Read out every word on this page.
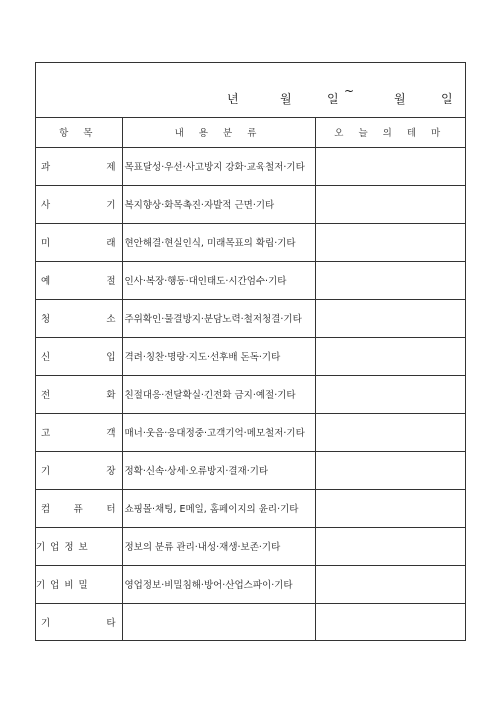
년	월	일
~
월	일
항 목	내 용 분 류	오 늘 의 테 마

과 제	목표달성·우선·사고방지 강화·교육철저·기타	

사 기	복지향상·화목촉진·자발적 근면·기타	

미 래	현안해결·현실인식, 미래목표의 확립·기타	

예 절	인사·복장·행동·대인태도·시간엄수·기타	

청 소	주위확인·물결방지·분담노력·철저청결·기타	

신 입	격려·칭찬·명랑·지도·선후배 돈독·기타	

전 화	친절대응·전달확실·긴전화 금지·예절·기타	

고 객	매너·웃음·응대정중·고객기억·메모철저·기타	

기 장	정확·신속·상세·오류방지·결재·기타	

컴 퓨 터	쇼핑몰·채팅, E메일, 홈페이지의 윤리·기타	
기업정보	정보의 분류 관리·내성·재생·보존·기타	
기업비밀	영업정보·비밀침해·방어·산업스파이·기타	

기 타		
